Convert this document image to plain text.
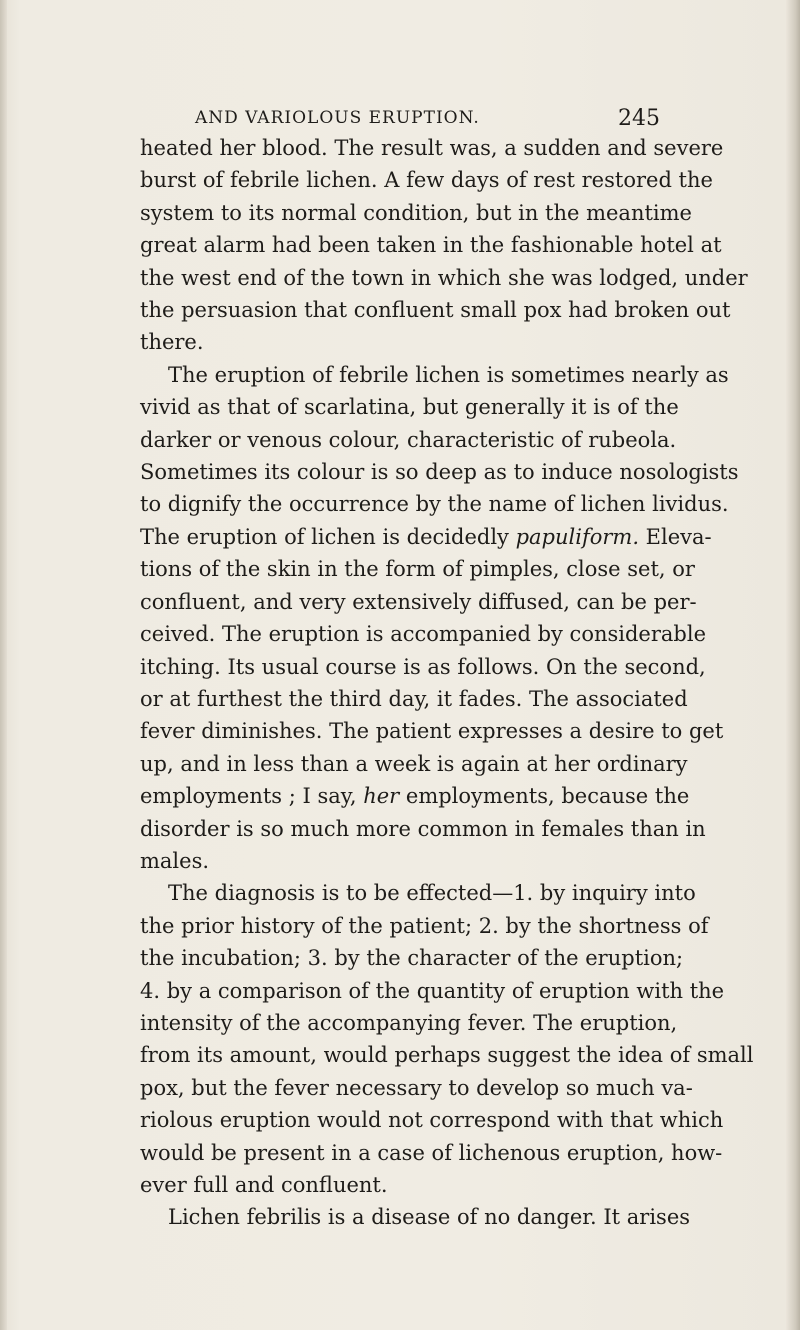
AND VARIOLOUS ERUPTION.	245
heated her blood. The result was, a sudden and severe
burst of febrile lichen. A few days of rest restored the
system to its normal condition, but in the meantime
great alarm had been taken in the fashionable hotel at
the west end of the town in which she was lodged, under
the persuasion that confluent small pox had broken out
there.
The eruption of febrile lichen is sometimes nearly as
vivid as that of scarlatina, but generally it is of the
darker or venous colour, characteristic of rubeola.
Sometimes its colour is so deep as to induce nosologists
to dignify the occurrence by the name of lichen lividus.
The eruption of lichen is decidedly papuliform. Eleva-
tions of the skin in the form of pimples, close set, or
confluent, and very extensively diffused, can be per-
ceived. The eruption is accompanied by considerable
itching. Its usual course is as follows. On the second,
or at furthest the third day, it fades. The associated
fever diminishes. The patient expresses a desire to get
up, and in less than a week is again at her ordinary
employments ; I say, her employments, because the
disorder is so much more common in females than in
males.
The diagnosis is to be effected—1. by inquiry into
the prior history of the patient; 2. by the shortness of
the incubation; 3. by the character of the eruption;
4. by a comparison of the quantity of eruption with the
intensity of the accompanying fever. The eruption,
from its amount, would perhaps suggest the idea of small
pox, but the fever necessary to develop so much va-
riolous eruption would not correspond with that which
would be present in a case of lichenous eruption, how-
ever full and confluent.
Lichen febrilis is a disease of no danger. It arises
